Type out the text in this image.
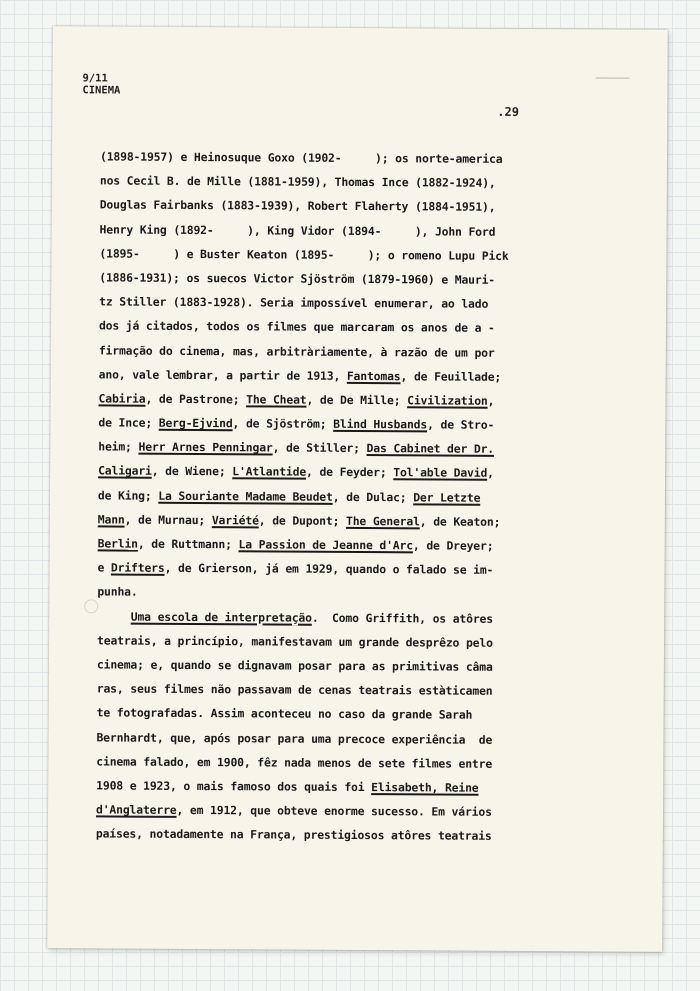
9/11
CINEMA
.29
(1898-1957) e Heinosuque Goxo (1902-     ); os norte-america
nos Cecil B. de Mille (1881-1959), Thomas Ince (1882-1924),
Douglas Fairbanks (1883-1939), Robert Flaherty (1884-1951),
Henry King (1892-     ), King Vidor (1894-     ), John Ford
(1895-     ) e Buster Keaton (1895-     ); o romeno Lupu Pick
(1886-1931); os suecos Victor Sjöström (1879-1960) e Mauri-
tz Stiller (1883-1928). Seria impossível enumerar, ao lado
dos já citados, todos os filmes que marcaram os anos de a -
firmação do cinema, mas, arbitràriamente, à razão de um por
ano, vale lembrar, a partir de 1913, Fantomas, de Feuillade;
Cabiria, de Pastrone; The Cheat, de De Mille; Civilization,
de Ince; Berg-Ejvind, de Sjöström; Blind Husbands, de Stro-
heim; Herr Arnes Penningar, de Stiller; Das Cabinet der Dr.
Caligari, de Wiene; L'Atlantide, de Feyder; Tol'able David,
de King; La Souriante Madame Beudet, de Dulac; Der Letzte
Mann, de Murnau; Variété, de Dupont; The General, de Keaton;
Berlin, de Ruttmann; La Passion de Jeanne d'Arc, de Dreyer;
e Drifters, de Grierson, já em 1929, quando o falado se im-
punha.
Uma escola de interpretação.  Como Griffith, os atôres
teatrais, a princípio, manifestavam um grande desprêzo pelo
cinema; e, quando se dignavam posar para as primitivas câma
ras, seus filmes não passavam de cenas teatrais estàticamen
te fotografadas. Assim aconteceu no caso da grande Sarah
Bernhardt, que, após posar para uma precoce experiência  de
cinema falado, em 1900, fêz nada menos de sete filmes entre
1908 e 1923, o mais famoso dos quais foi Elisabeth, Reine
d'Anglaterre, em 1912, que obteve enorme sucesso. Em vários
países, notadamente na França, prestigiosos atôres teatrais
